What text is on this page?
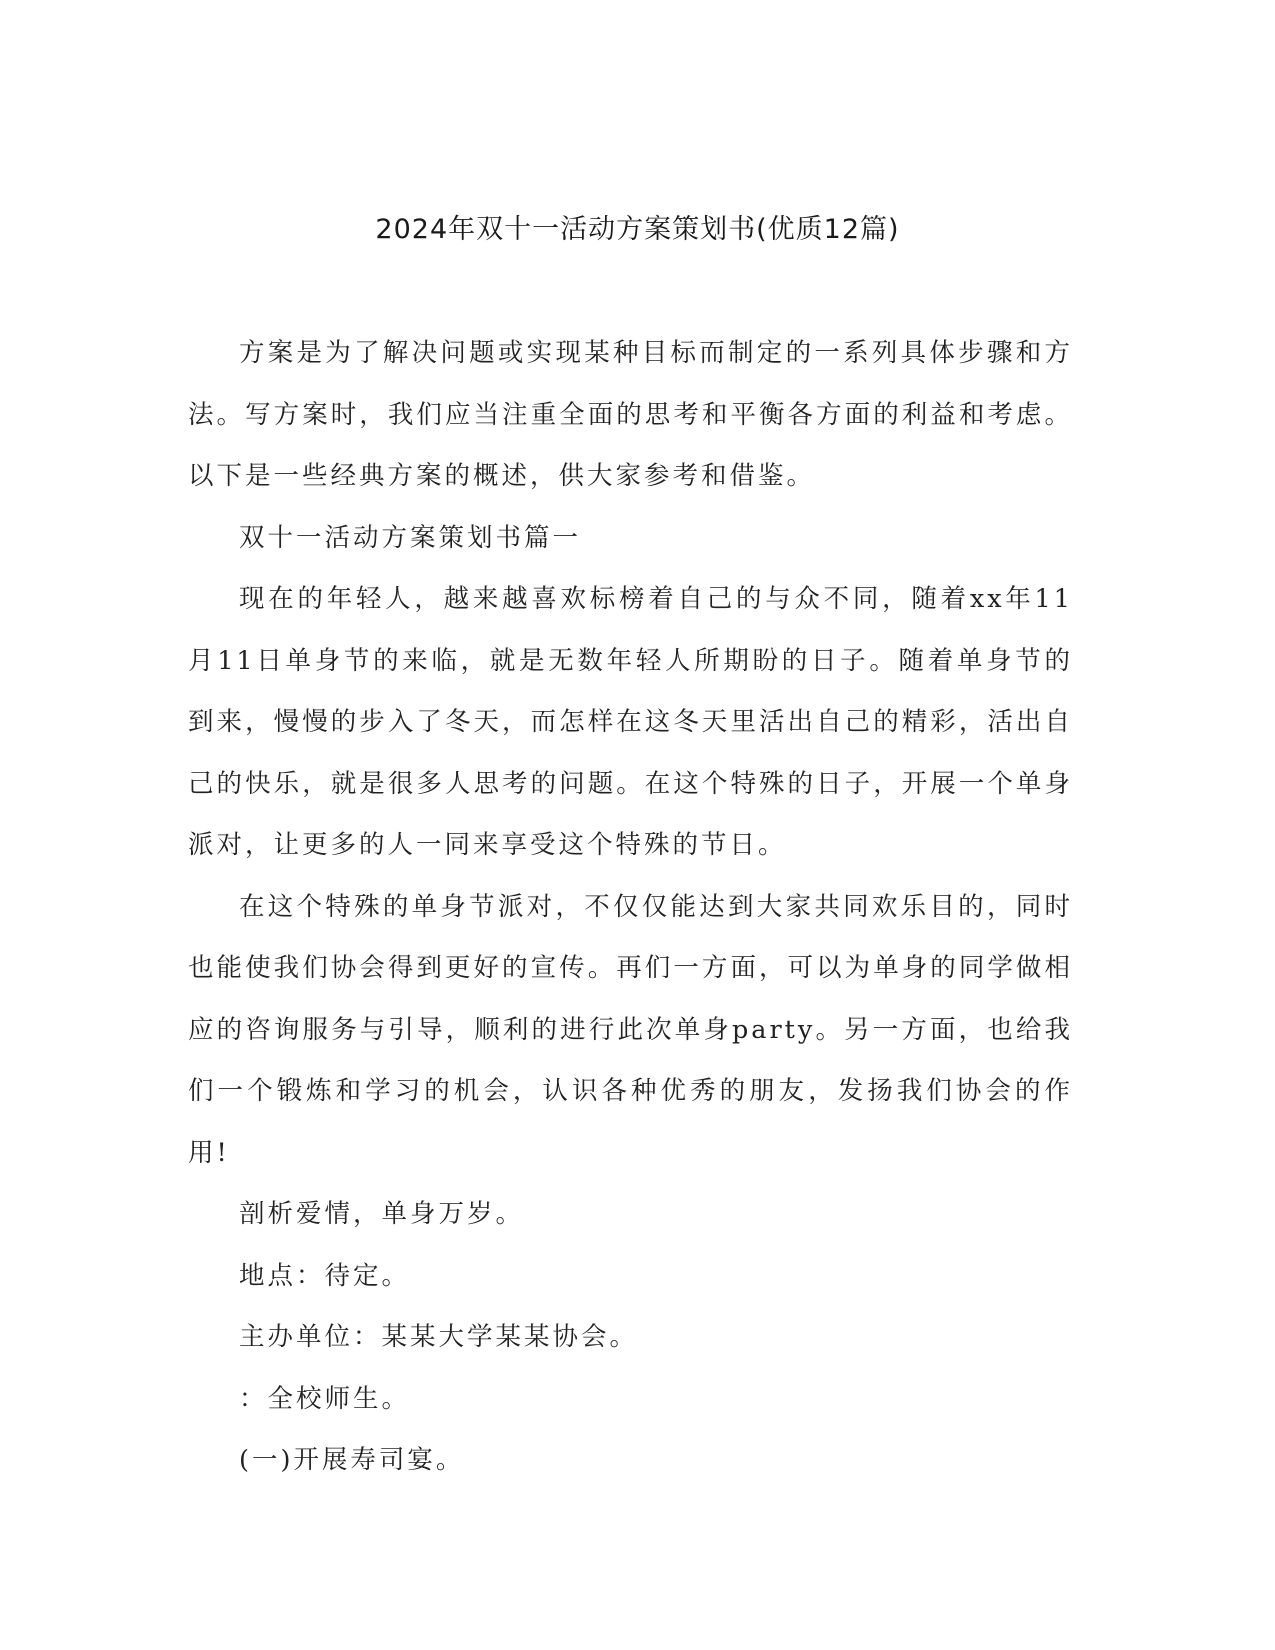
2024年双十一活动方案策划书(优质12篇)

方案是为了解决问题或实现某种目标而制定的一系列具体步骤和方法。写方案时，我们应当注重全面的思考和平衡各方面的利益和考虑。以下是一些经典方案的概述，供大家参考和借鉴。

双十一活动方案策划书篇一

现在的年轻人，越来越喜欢标榜着自己的与众不同，随着xx年11月11日单身节的来临，就是无数年轻人所期盼的日子。随着单身节的到来，慢慢的步入了冬天，而怎样在这冬天里活出自己的精彩，活出自己的快乐，就是很多人思考的问题。在这个特殊的日子，开展一个单身派对，让更多的人一同来享受这个特殊的节日。

在这个特殊的单身节派对，不仅仅能达到大家共同欢乐目的，同时也能使我们协会得到更好的宣传。再们一方面，可以为单身的同学做相应的咨询服务与引导，顺利的进行此次单身party。另一方面，也给我们一个锻炼和学习的机会，认识各种优秀的朋友，发扬我们协会的作用!

剖析爱情，单身万岁。

地点：待定。

主办单位：某某大学某某协会。

：全校师生。

(一)开展寿司宴。
